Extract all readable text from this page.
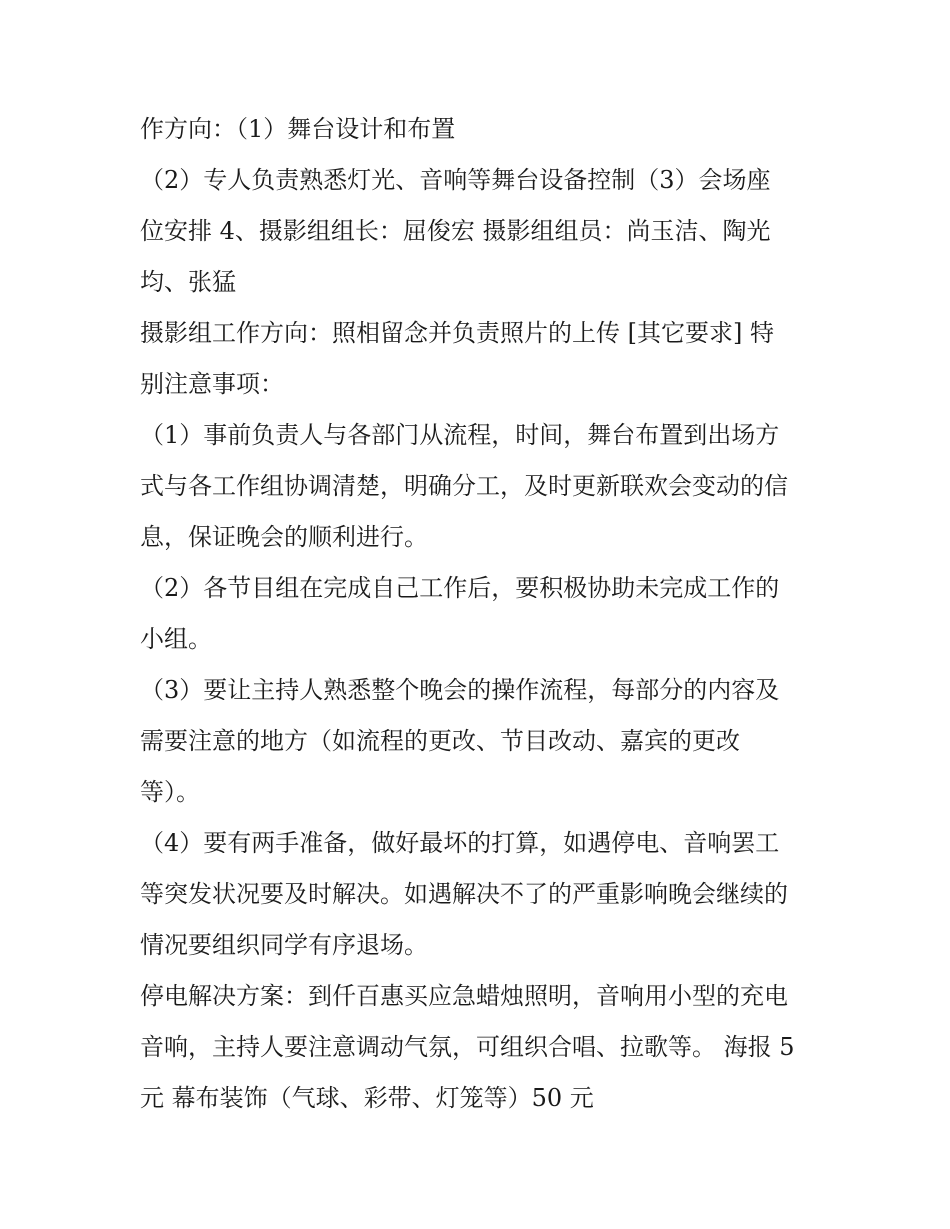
作方向：（1）舞台设计和布置
（2）专人负责熟悉灯光、音响等舞台设备控制（3）会场座
位安排 4、摄影组组长：屈俊宏 摄影组组员：尚玉洁、陶光
均、张猛
摄影组工作方向：照相留念并负责照片的上传 [其它要求] 特
别注意事项：
（1）事前负责人与各部门从流程，时间，舞台布置到出场方
式与各工作组协调清楚，明确分工，及时更新联欢会变动的信
息，保证晚会的顺利进行。
（2）各节目组在完成自己工作后，要积极协助未完成工作的
小组。
（3）要让主持人熟悉整个晚会的操作流程，每部分的内容及
需要注意的地方（如流程的更改、节目改动、嘉宾的更改
等）。
（4）要有两手准备，做好最坏的打算，如遇停电、音响罢工
等突发状况要及时解决。如遇解决不了的严重影响晚会继续的
情况要组织同学有序退场。
停电解决方案：到仟百惠买应急蜡烛照明，音响用小型的充电
音响，主持人要注意调动气氛，可组织合唱、拉歌等。 海报 5
元 幕布装饰（气球、彩带、灯笼等）50 元
